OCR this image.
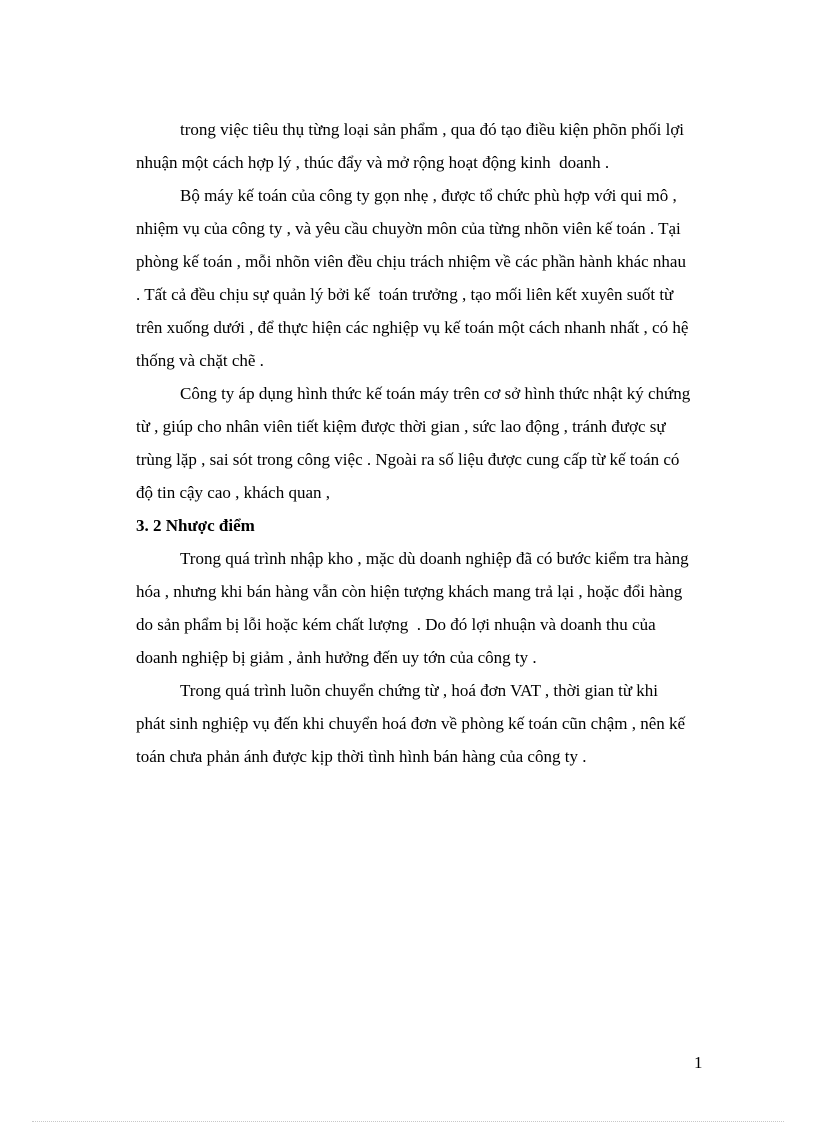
trong việc tiêu thụ từng loại sản phẩm , qua đó tạo điều kiện phõn phối lợi
nhuận một cách hợp lý , thúc đẩy và mở rộng hoạt động kinh  doanh .
Bộ máy kế toán của công ty gọn nhẹ , được tổ chức phù hợp với qui mô ,
nhiệm vụ của công ty , và yêu cầu chuyờn môn của từng nhõn viên kế toán . Tại
phòng kế toán , mỗi nhõn viên đều chịu trách nhiệm về các phần hành khác nhau
. Tất cả đều chịu sự quản lý bởi kế  toán trưởng , tạo mối liên kết xuyên suốt từ
trên xuống dưới , để thực hiện các nghiệp vụ kế toán một cách nhanh nhất , có hệ
thống và chặt chẽ .
Công ty áp dụng hình thức kế toán máy trên cơ sở hình thức nhật ký chứng
từ , giúp cho nhân viên tiết kiệm được thời gian , sức lao động , tránh được sự
trùng lặp , sai sót trong công việc . Ngoài ra số liệu được cung cấp từ kế toán có
độ tin cậy cao , khách quan ,
3. 2 Nhược điểm
Trong quá trình nhập kho , mặc dù doanh nghiệp đã có bước kiểm tra hàng
hóa , nhưng khi bán hàng vẫn còn hiện tượng khách mang trả lại , hoặc đổi hàng
do sản phẩm bị lỗi hoặc kém chất lượng  . Do đó lợi nhuận và doanh thu của
doanh nghiệp bị giảm , ảnh hưởng đến uy tớn của công ty .
Trong quá trình luõn chuyển chứng từ , hoá đơn VAT , thời gian từ khi
phát sinh nghiệp vụ đến khi chuyển hoá đơn về phòng kế toán cũn chậm , nên kế
toán chưa phản ánh được kịp thời tình hình bán hàng của công ty .
1
